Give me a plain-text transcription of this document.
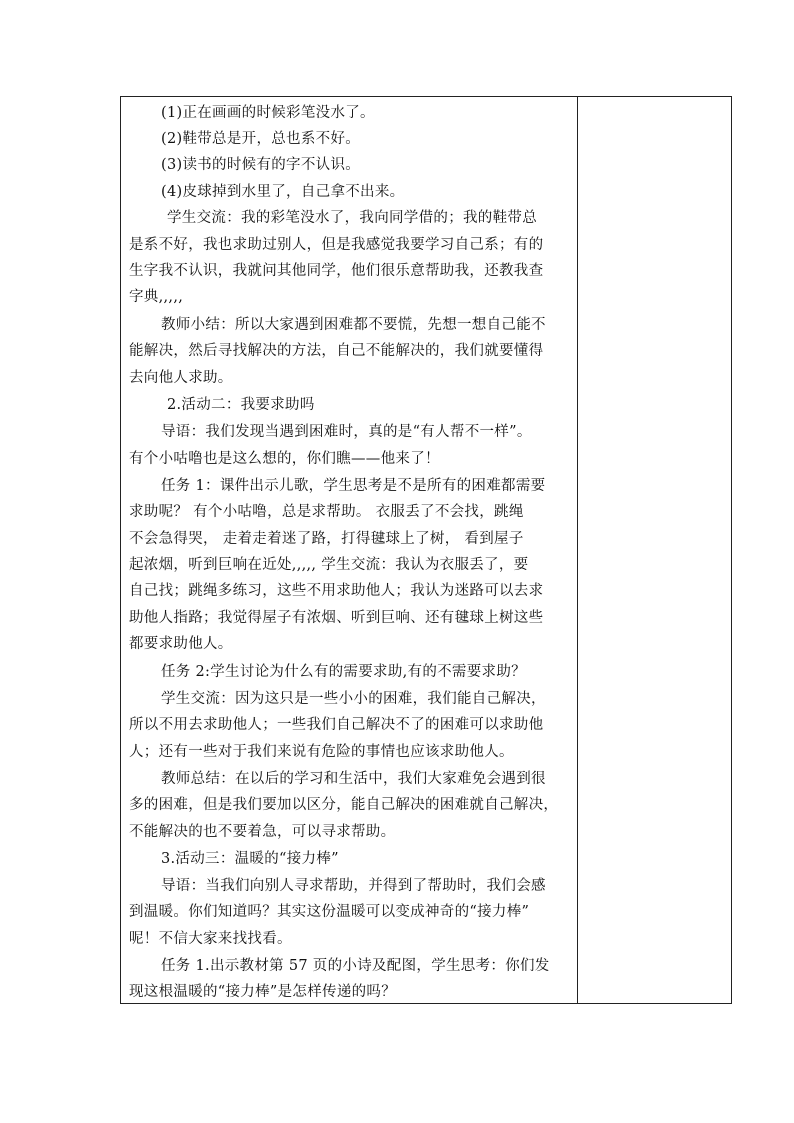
(1)正在画画的时候彩笔没水了。
(2)鞋带总是开，总也系不好。
(3)读书的时候有的字不认识。
(4)皮球掉到水里了，自己拿不出来。
学生交流：我的彩笔没水了，我向同学借的；我的鞋带总
是系不好，我也求助过别人，但是我感觉我要学习自己系；有的
生字我不认识，我就问其他同学，他们很乐意帮助我，还教我查
字典,,,,,
教师小结：所以大家遇到困难都不要慌，先想一想自己能不
能解决，然后寻找解决的方法，自己不能解决的，我们就要懂得
去向他人求助。
2.活动二：我要求助吗
导语：我们发现当遇到困难时，真的是“有人帮不一样”。
有个小咕噜也是这么想的，你们瞧——他来了！
任务 1：课件出示儿歌，学生思考是不是所有的困难都需要
求助呢？ 有个小咕噜，总是求帮助。 衣服丢了不会找，跳绳
不会急得哭， 走着走着迷了路，打得毽球上了树， 看到屋子
起浓烟，听到巨响在近处,,,,, 学生交流：我认为衣服丢了，要
自己找；跳绳多练习，这些不用求助他人；我认为迷路可以去求
助他人指路；我觉得屋子有浓烟、听到巨响、还有毽球上树这些
都要求助他人。
任务 2:学生讨论为什么有的需要求助,有的不需要求助？
学生交流：因为这只是一些小小的困难，我们能自己解决，
所以不用去求助他人；一些我们自己解决不了的困难可以求助他
人；还有一些对于我们来说有危险的事情也应该求助他人。
教师总结：在以后的学习和生活中，我们大家难免会遇到很
多的困难，但是我们要加以区分，能自己解决的困难就自己解决，
不能解决的也不要着急，可以寻求帮助。
3.活动三：温暖的“接力棒”
导语：当我们向别人寻求帮助，并得到了帮助时，我们会感
到温暖。你们知道吗？其实这份温暖可以变成神奇的“接力棒”
呢！不信大家来找找看。
任务 1.出示教材第 57 页的小诗及配图，学生思考：你们发
现这根温暖的“接力棒”是怎样传递的吗？
